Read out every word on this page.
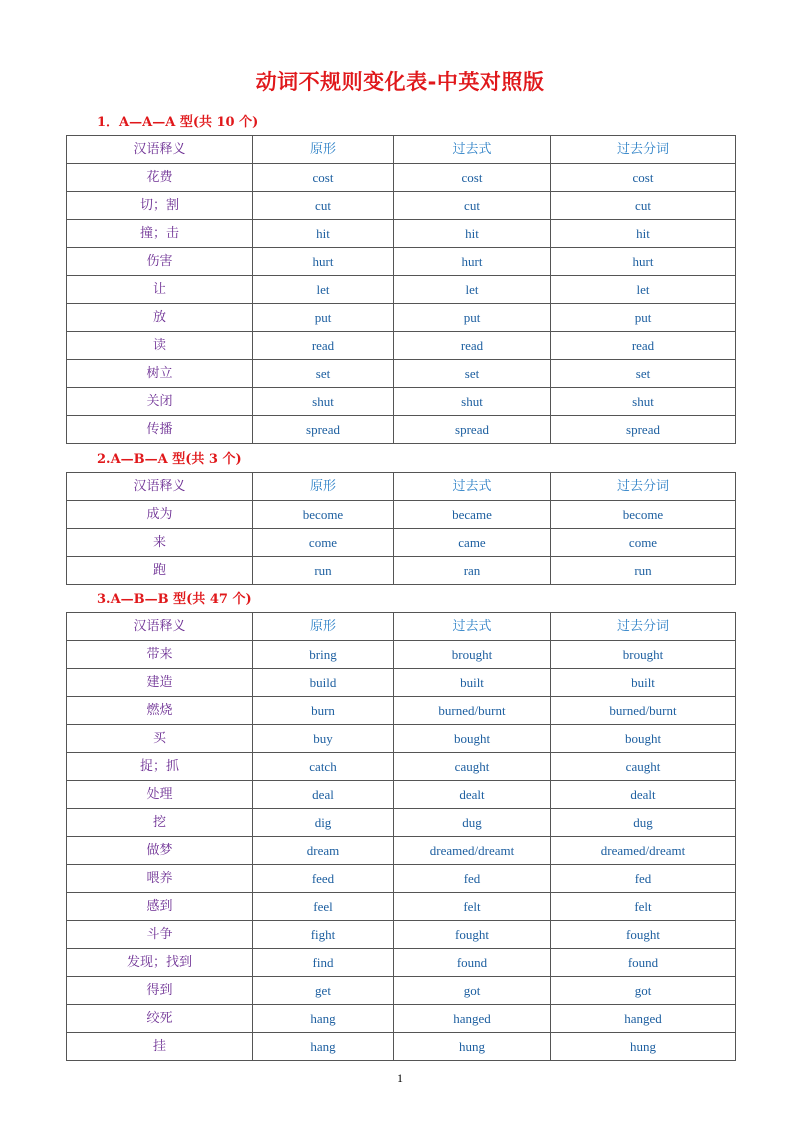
动词不规则变化表-中英对照版
1．A—A—A 型(共 10 个)
汉语释义	原形	过去式	过去分词
花费	cost	cost	cost
切；割	cut	cut	cut
撞；击	hit	hit	hit
伤害	hurt	hurt	hurt
让	let	let	let
放	put	put	put
读	read	read	read
树立	set	set	set
关闭	shut	shut	shut
传播	spread	spread	spread
2.A—B—A 型(共 3 个)
汉语释义	原形	过去式	过去分词
成为	become	became	become
来	come	came	come
跑	run	ran	run
3.A—B—B 型(共 47 个)
汉语释义	原形	过去式	过去分词
带来	bring	brought	brought
建造	build	built	built
燃烧	burn	burned/burnt	burned/burnt
买	buy	bought	bought
捉；抓	catch	caught	caught
处理	deal	dealt	dealt
挖	dig	dug	dug
做梦	dream	dreamed/dreamt	dreamed/dreamt
喂养	feed	fed	fed
感到	feel	felt	felt
斗争	fight	fought	fought
发现；找到	find	found	found
得到	get	got	got
绞死	hang	hanged	hanged
挂	hang	hung	hung
1
